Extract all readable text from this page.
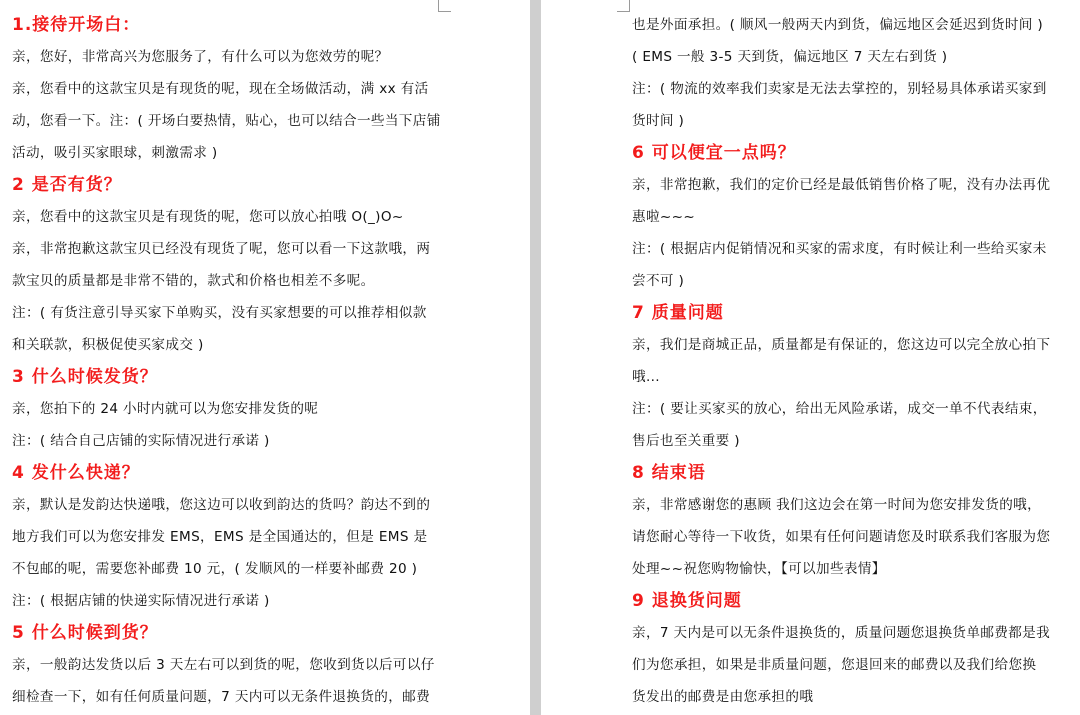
1.接待开场白：
亲，您好，非常高兴为您服务了，有什么可以为您效劳的呢？
亲，您看中的这款宝贝是有现货的呢，现在全场做活动，满 xx 有活
动，您看一下。注：( 开场白要热情，贴心，也可以结合一些当下店铺
活动，吸引买家眼球，刺激需求 )
2 是否有货？
亲，您看中的这款宝贝是有现货的呢，您可以放心拍哦 O(_)O~
亲，非常抱歉这款宝贝已经没有现货了呢，您可以看一下这款哦，两
款宝贝的质量都是非常不错的，款式和价格也相差不多呢。
注：( 有货注意引导买家下单购买，没有买家想要的可以推荐相似款
和关联款，积极促使买家成交 )
3 什么时候发货？
亲，您拍下的 24 小时内就可以为您安排发货的呢
注：( 结合自己店铺的实际情况进行承诺 )
4 发什么快递？
亲，默认是发韵达快递哦，您这边可以收到韵达的货吗？韵达不到的
地方我们可以为您安排发 EMS，EMS 是全国通达的，但是 EMS 是
不包邮的呢，需要您补邮费 10 元，( 发顺风的一样要补邮费 20 )
注：( 根据店铺的快递实际情况进行承诺 )
5 什么时候到货？
亲，一般韵达发货以后 3 天左右可以到货的呢，您收到货以后可以仔
细检查一下，如有任何质量问题，7 天内可以无条件退换货的，邮费
也是外面承担。( 顺风一般两天内到货，偏远地区会延迟到货时间 )
( EMS 一般 3-5 天到货，偏远地区 7 天左右到货 )
注：( 物流的效率我们卖家是无法去掌控的，别轻易具体承诺买家到
货时间 )
6 可以便宜一点吗？
亲，非常抱歉，我们的定价已经是最低销售价格了呢，没有办法再优
惠啦~~~
注：( 根据店内促销情况和买家的需求度，有时候让利一些给买家未
尝不可 )
7 质量问题
亲，我们是商城正品，质量都是有保证的，您这边可以完全放心拍下
哦...
注：( 要让买家买的放心，给出无风险承诺，成交一单不代表结束，
售后也至关重要 )
8 结束语
亲，非常感谢您的惠顾 我们这边会在第一时间为您安排发货的哦，
请您耐心等待一下收货，如果有任何问题请您及时联系我们客服为您
处理~~祝您购物愉快，【可以加些表情】
9 退换货问题
亲，7 天内是可以无条件退换货的，质量问题您退换货单邮费都是我
们为您承担，如果是非质量问题，您退回来的邮费以及我们给您换
货发出的邮费是由您承担的哦
